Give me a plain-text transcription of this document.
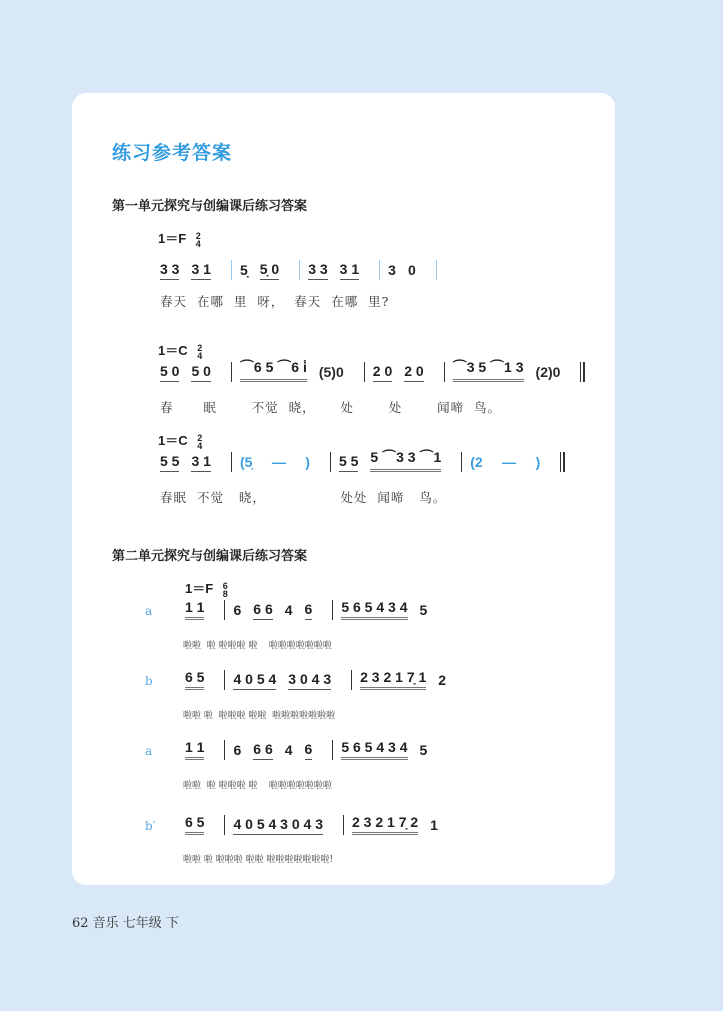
练习参考答案
第一单元探究与创编课后练习答案
第二单元探究与创编课后练习答案
1＝F 2
4
3 3 3 1 5̣ 5̣ 0 3 3 3 1 3 0
春天  在哪  里  呀，  春天  在哪  里?
1＝C 2
4
5 0 5 0 ⌒6 5 ⌒6 i̇ (5)0 2 0 2 0 ⌒3 5 ⌒1 3 (2)0
春      眠       不觉  晓，     处       处       闻啼  鸟。
1＝C 2
4
5 5 3 1 (5̣     —     ) 5 5 5 ⌒3 3 ⌒1 (2     —     )
春眠  不觉   晓，               处处  闻啼   鸟。
1＝F 6
8
a 1 1 6 6 6 4 6 5 6 5 4 3 4 5
啦啦  啦 啦啦啦 啦    啦啦啦啦啦啦啦
b 6 5 4 0 5 4 3 0 4 3 2 3 2 1 7̣ 1 2
啦啦 啦  啦啦啦 啦啦  啦啦啦啦啦啦啦
a 1 1 6 6 6 4 6 5 6 5 4 3 4 5
啦啦  啦 啦啦啦 啦    啦啦啦啦啦啦啦
b′ 6 5 4 0 5 4 3 0 4 3 2 3 2 1 7̣ 2 1
啦啦 啦 啦啦啦 啦啦 啦啦啦啦啦啦啦!
62 音乐 七年级 下
